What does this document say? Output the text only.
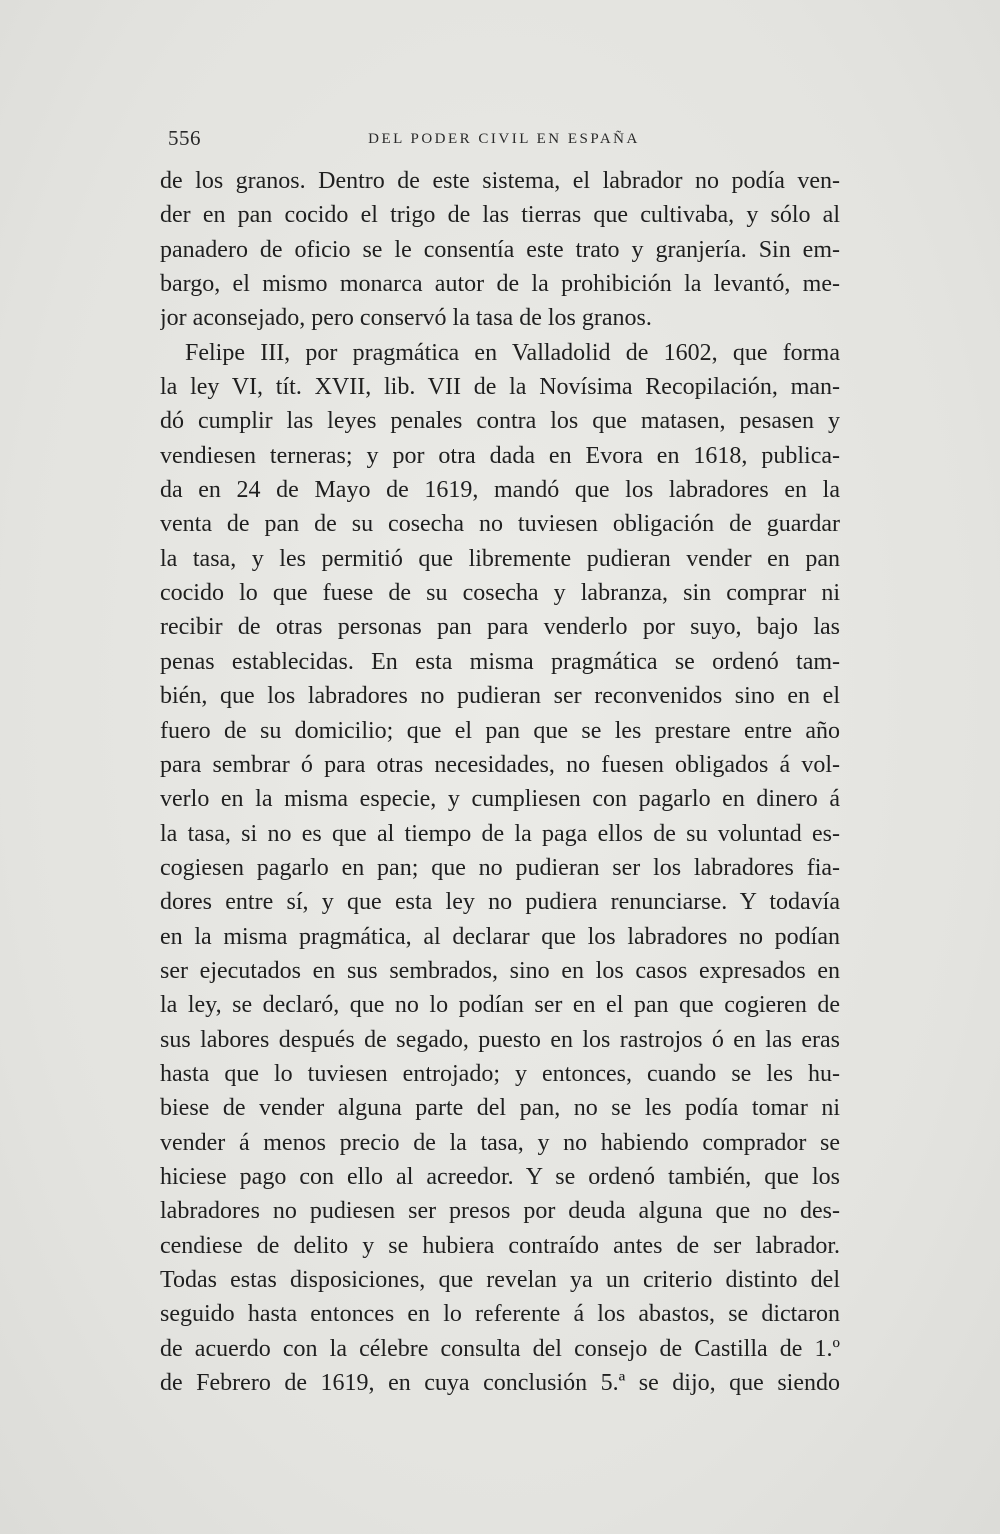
556	DEL PODER CIVIL EN ESPAÑA
de los granos. Dentro de este sistema, el labrador no podía ven-
der en pan cocido el trigo de las tierras que cultivaba, y sólo al
panadero de oficio se le consentía este trato y granjería. Sin em-
bargo, el mismo monarca autor de la prohibición la levantó, me-
jor aconsejado, pero conservó la tasa de los granos.
Felipe III, por pragmática en Valladolid de 1602, que forma
la ley VI, tít. XVII, lib. VII de la Novísima Recopilación, man-
dó cumplir las leyes penales contra los que matasen, pesasen y
vendiesen terneras; y por otra dada en Evora en 1618, publica-
da en 24 de Mayo de 1619, mandó que los labradores en la
venta de pan de su cosecha no tuviesen obligación de guardar
la tasa, y les permitió que libremente pudieran vender en pan
cocido lo que fuese de su cosecha y labranza, sin comprar ni
recibir de otras personas pan para venderlo por suyo, bajo las
penas establecidas. En esta misma pragmática se ordenó tam-
bién, que los labradores no pudieran ser reconvenidos sino en el
fuero de su domicilio; que el pan que se les prestare entre año
para sembrar ó para otras necesidades, no fuesen obligados á vol-
verlo en la misma especie, y cumpliesen con pagarlo en dinero á
la tasa, si no es que al tiempo de la paga ellos de su voluntad es-
cogiesen pagarlo en pan; que no pudieran ser los labradores fia-
dores entre sí, y que esta ley no pudiera renunciarse. Y todavía
en la misma pragmática, al declarar que los labradores no podían
ser ejecutados en sus sembrados, sino en los casos expresados en
la ley, se declaró, que no lo podían ser en el pan que cogieren de
sus labores después de segado, puesto en los rastrojos ó en las eras
hasta que lo tuviesen entrojado; y entonces, cuando se les hu-
biese de vender alguna parte del pan, no se les podía tomar ni
vender á menos precio de la tasa, y no habiendo comprador se
hiciese pago con ello al acreedor. Y se ordenó también, que los
labradores no pudiesen ser presos por deuda alguna que no des-
cendiese de delito y se hubiera contraído antes de ser labrador.
Todas estas disposiciones, que revelan ya un criterio distinto del
seguido hasta entonces en lo referente á los abastos, se dictaron
de acuerdo con la célebre consulta del consejo de Castilla de 1.º
de Febrero de 1619, en cuya conclusión 5.ª se dijo, que siendo
